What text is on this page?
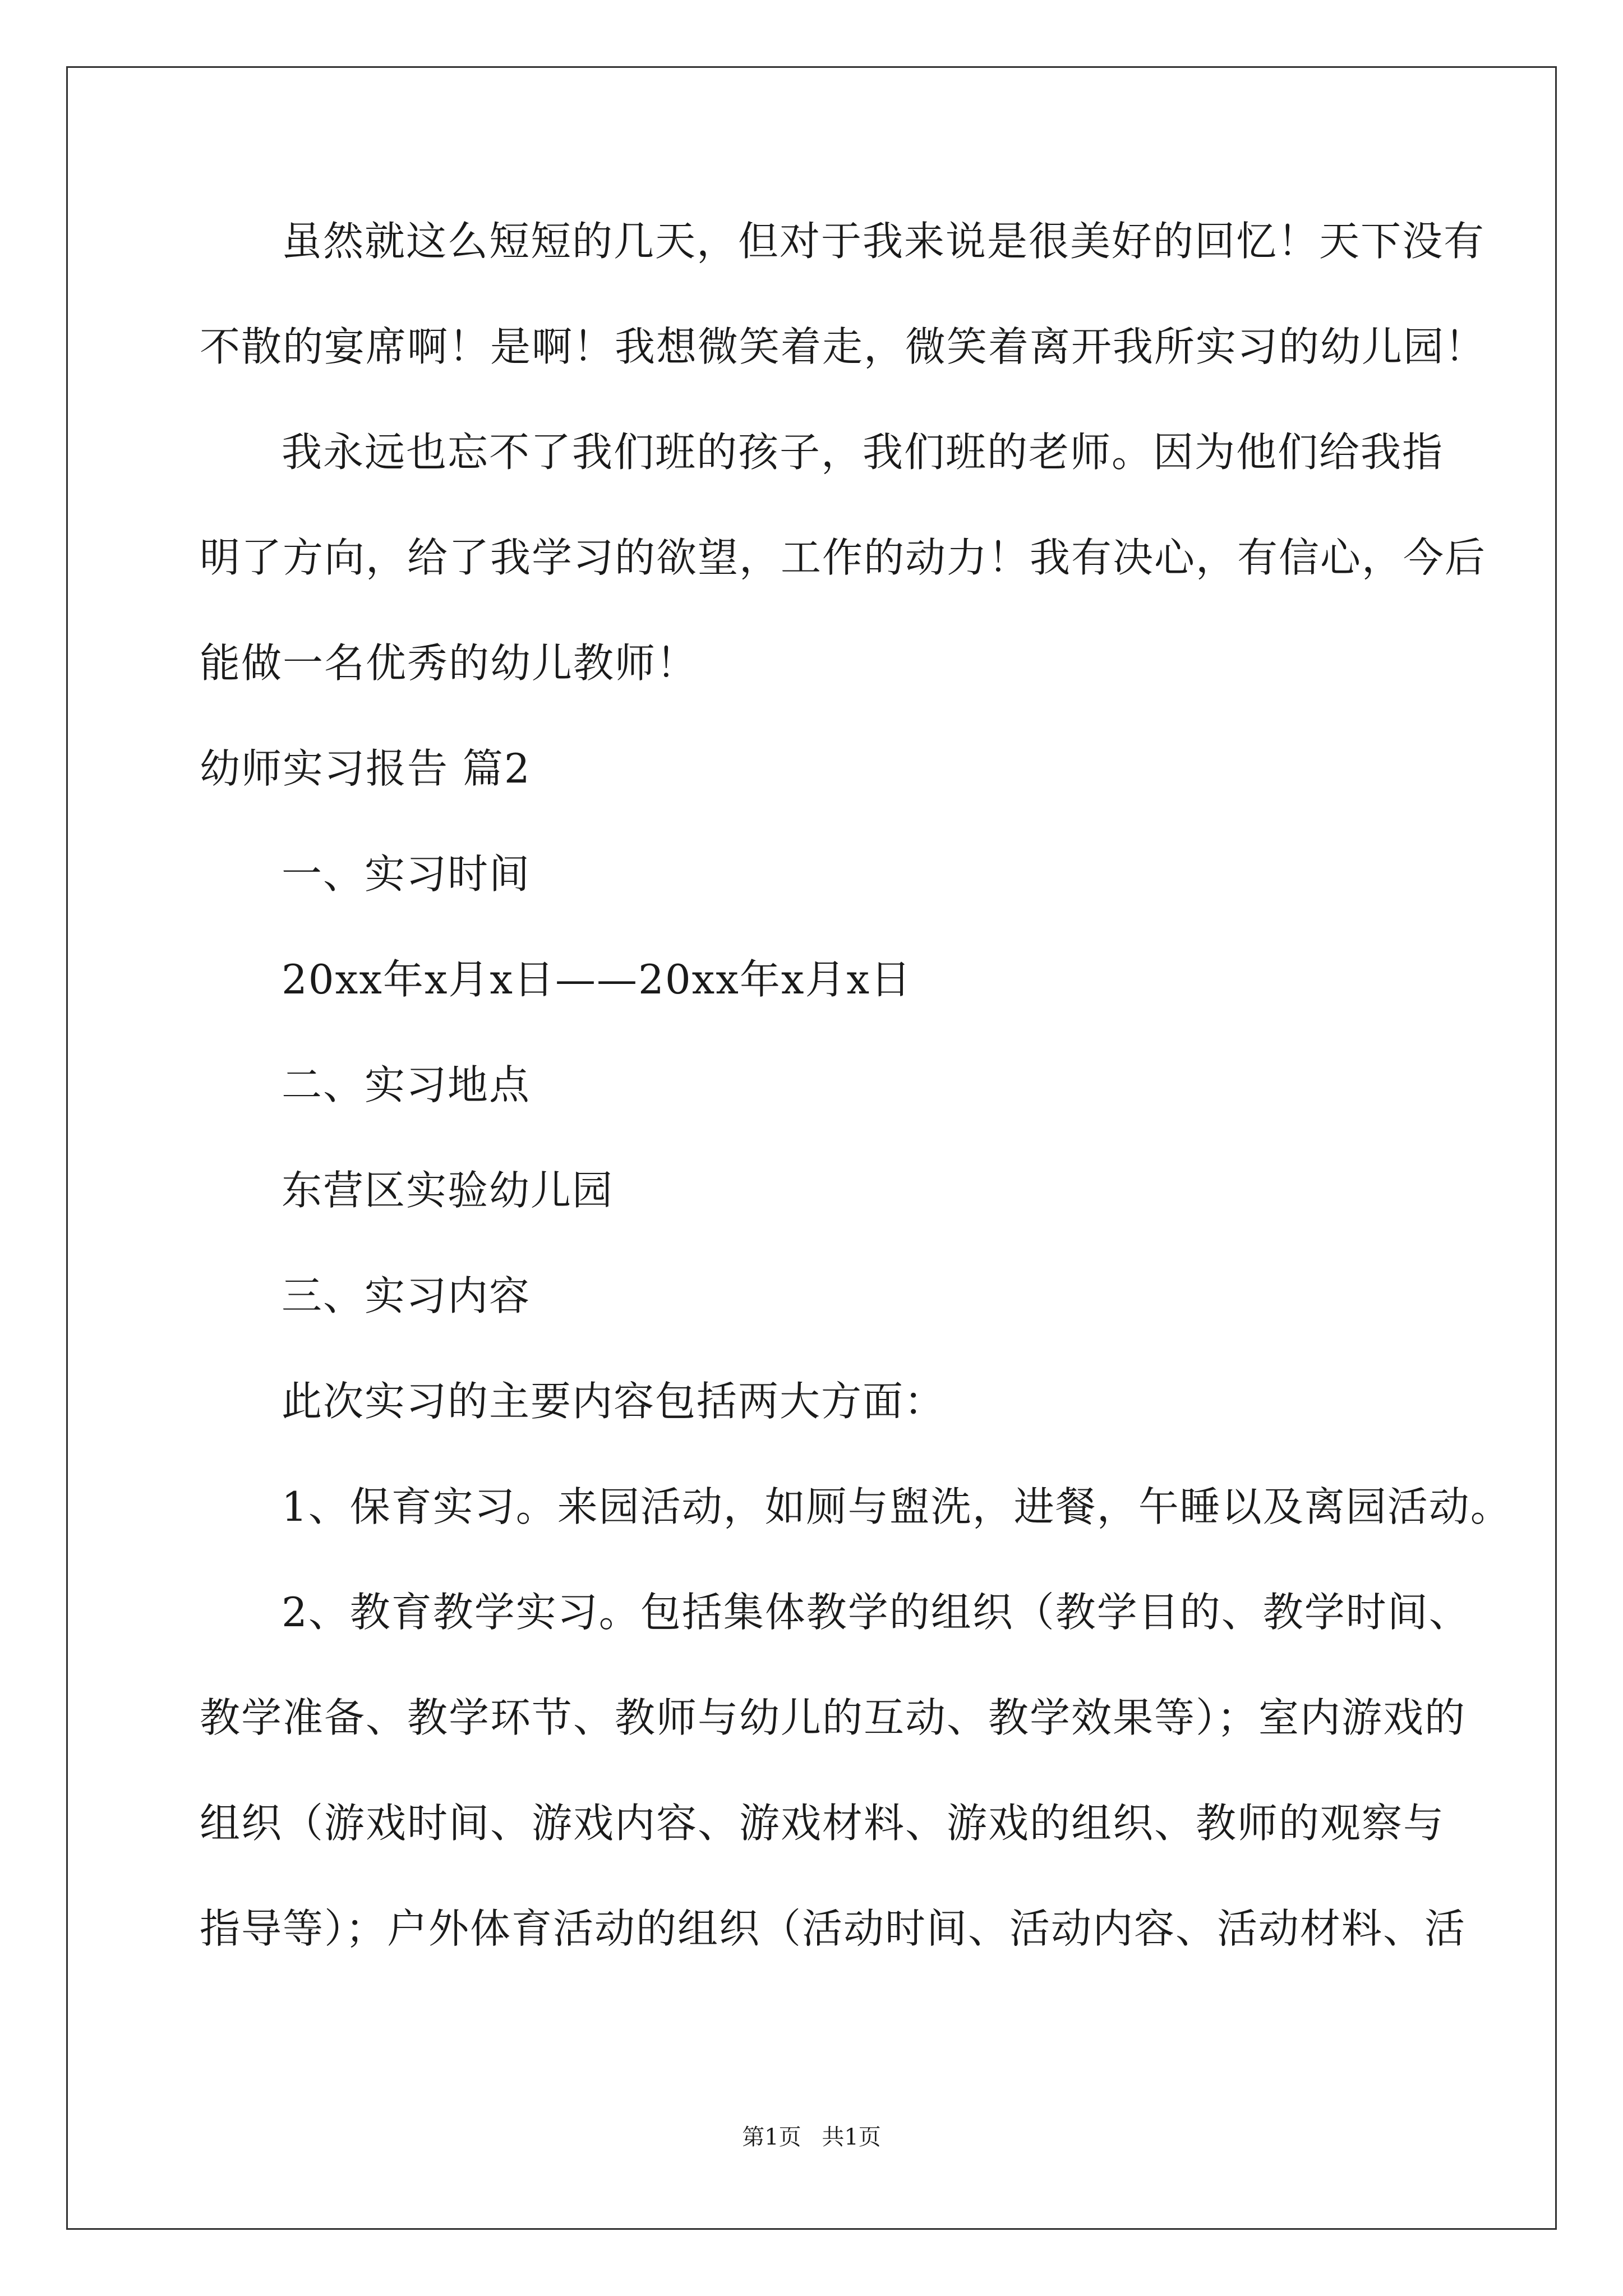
虽然就这么短短的几天，但对于我来说是很美好的回忆！天下没有
不散的宴席啊！是啊！我想微笑着走，微笑着离开我所实习的幼儿园！
我永远也忘不了我们班的孩子，我们班的老师。因为他们给我指
明了方向，给了我学习的欲望，工作的动力！我有决心，有信心，今后
能做一名优秀的幼儿教师！
幼师实习报告 篇2
一、实习时间
20xx年x月x日——20xx年x月x日
二、实习地点
东营区实验幼儿园
三、实习内容
此次实习的主要内容包括两大方面：
1、保育实习。来园活动，如厕与盥洗，进餐，午睡以及离园活动。
2、教育教学实习。包括集体教学的组织（教学目的、教学时间、
教学准备、教学环节、教师与幼儿的互动、教学效果等）；室内游戏的
组织（游戏时间、游戏内容、游戏材料、游戏的组织、教师的观察与
指导等）；户外体育活动的组织（活动时间、活动内容、活动材料、活
第1页 共1页
